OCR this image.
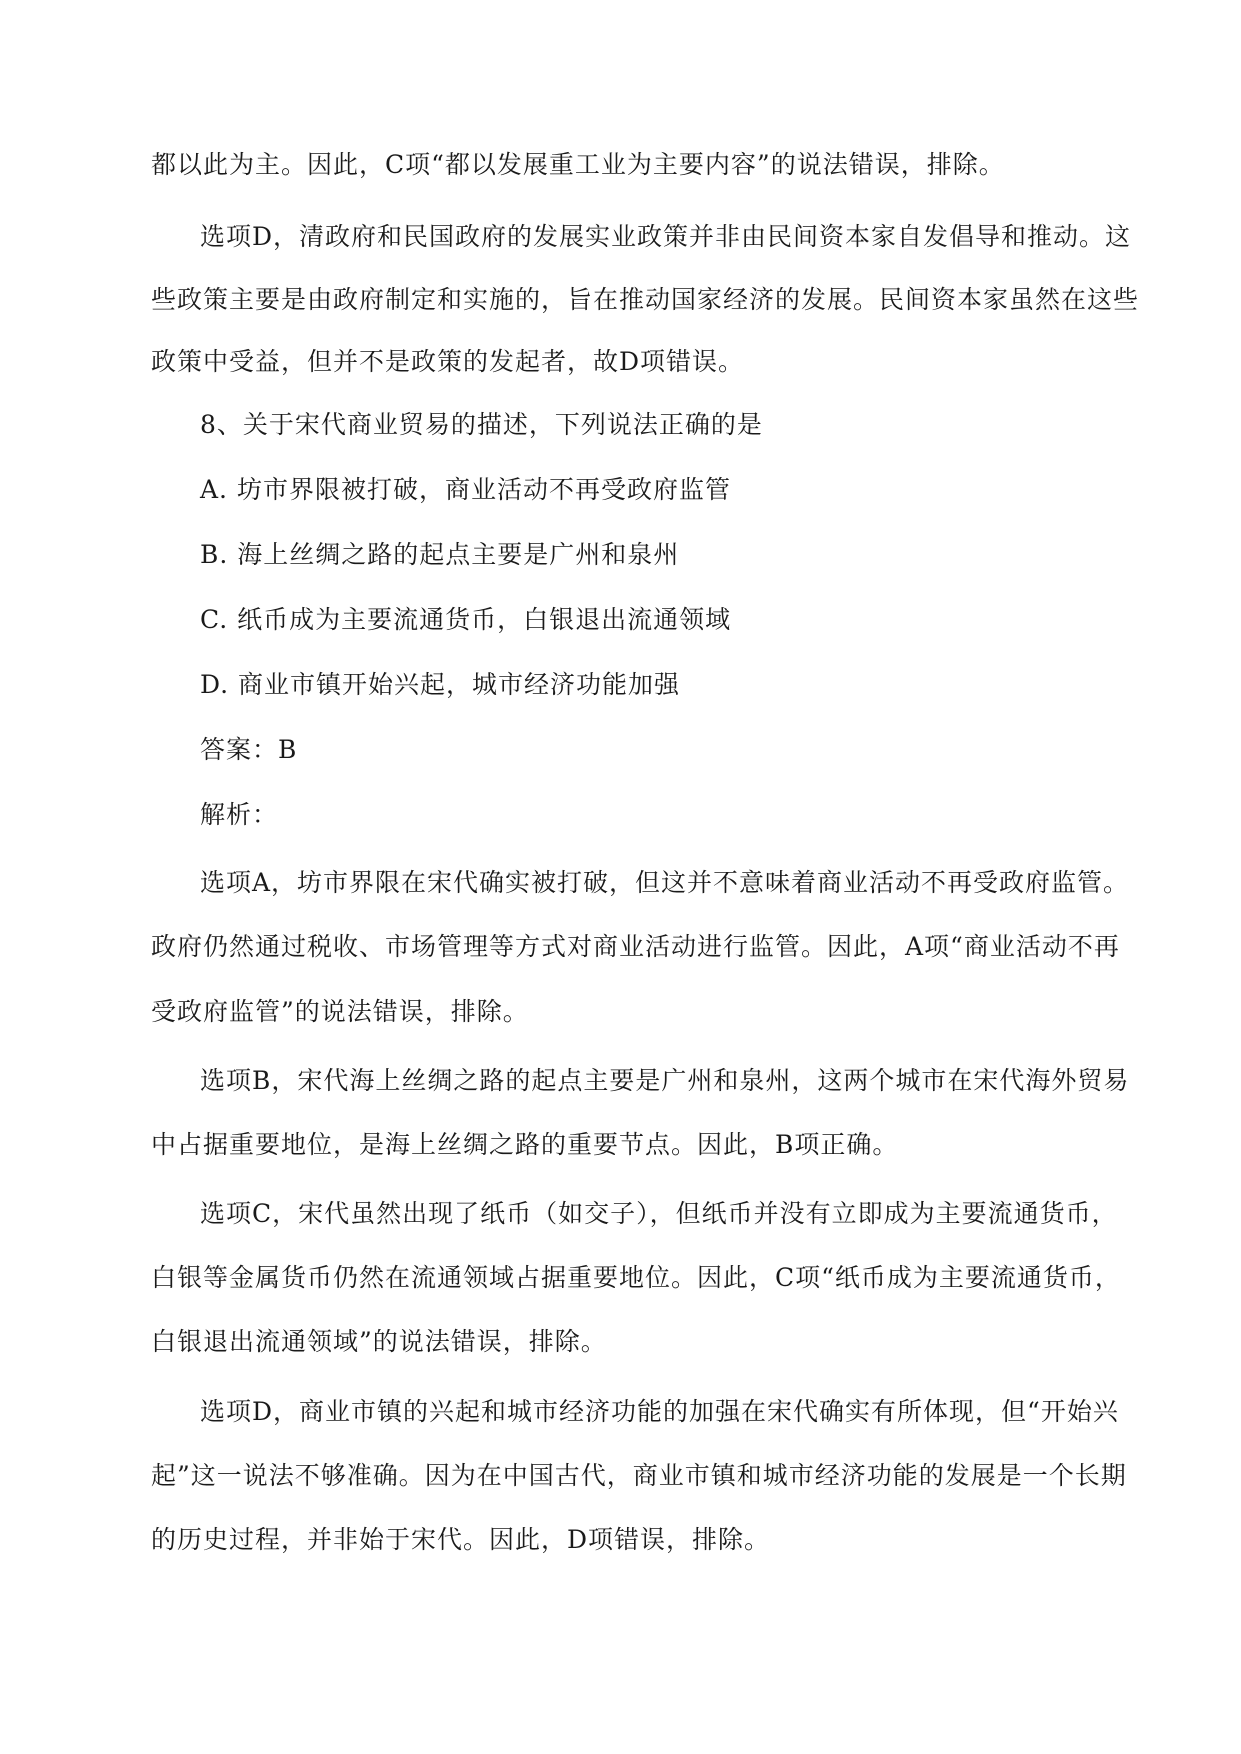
都以此为主。因此，C项“都以发展重工业为主要内容”的说法错误，排除。
选项D，清政府和民国政府的发展实业政策并非由民间资本家自发倡导和推动。这
些政策主要是由政府制定和实施的，旨在推动国家经济的发展。民间资本家虽然在这些
政策中受益，但并不是政策的发起者，故D项错误。
8、关于宋代商业贸易的描述，下列说法正确的是
A. 坊市界限被打破，商业活动不再受政府监管
B. 海上丝绸之路的起点主要是广州和泉州
C. 纸币成为主要流通货币，白银退出流通领域
D. 商业市镇开始兴起，城市经济功能加强
答案：B
解析：
选项A，坊市界限在宋代确实被打破，但这并不意味着商业活动不再受政府监管。
政府仍然通过税收、市场管理等方式对商业活动进行监管。因此，A项“商业活动不再
受政府监管”的说法错误，排除。
选项B，宋代海上丝绸之路的起点主要是广州和泉州，这两个城市在宋代海外贸易
中占据重要地位，是海上丝绸之路的重要节点。因此，B项正确。
选项C，宋代虽然出现了纸币（如交子），但纸币并没有立即成为主要流通货币，
白银等金属货币仍然在流通领域占据重要地位。因此，C项“纸币成为主要流通货币，
白银退出流通领域”的说法错误，排除。
选项D，商业市镇的兴起和城市经济功能的加强在宋代确实有所体现，但“开始兴
起”这一说法不够准确。因为在中国古代，商业市镇和城市经济功能的发展是一个长期
的历史过程，并非始于宋代。因此，D项错误，排除。
